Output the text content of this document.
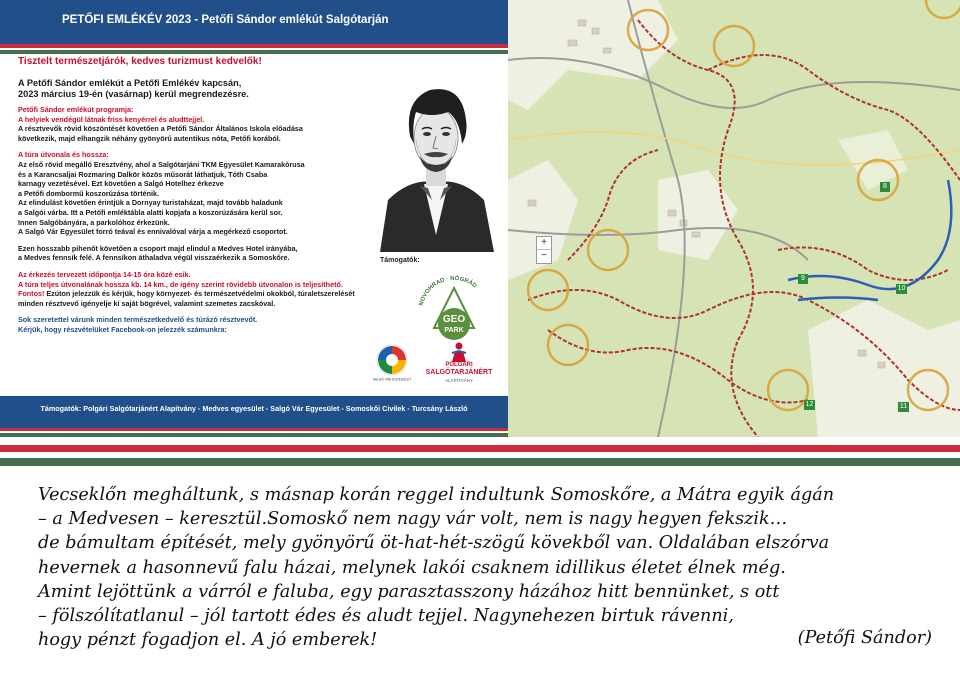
PETŐFI EMLÉKÉV 2023 - Petőfi Sándor emlékút Salgótarján

Tisztelt természetjárók, kedves turizmust kedvelők!

A Petőfi Sándor emlékút a Petőfi Emlékév kapcsán,
2023 március 19-én (vasárnap) kerül megrendezésre.

Petőfi Sándor emlékút programja:

A helyiek vendégül látnak friss kenyérrel és aludttejjel.

A résztvevők rövid köszöntését követően a Petőfi Sándor Általános Iskola előadása

következik, majd elhangzik néhány gyönyörű autentikus nóta, Petőfi korából.

A túra útvonala és hossza:

Az első rövid megálló Eresztvény, ahol a Salgótarjáni TKM Egyesület Kamarakórusa

és a Karancsaljai Rozmaring Dalkör közös műsorát láthatjuk, Tóth Csaba

karnagy vezetésével. Ezt követően a Salgó Hotelhez érkezve

a Petőfi dombormű koszorúzása történik.

Az elindulást követően érintjük a Dornyay turistaházat, majd tovább haladunk

a Salgói várba. Itt a Petőfi emléktábla alatti kopjafa a koszorúzására kerül sor.

Innen Salgóbányára, a parkolóhoz érkezünk.

A Salgó Vár Egyesület forró teával és ennivalóval várja a megérkező csoportot.

Ezen hosszabb pihenőt követően a csoport majd elindul a Medves Hotel irányába,

a Medves fennsík felé. A fennsíkon áthaladva végül visszaérkezik a Somoskőre.

Az érkezés tervezett időpontja 14-15 óra közé esik.

A túra teljes útvonalának hossza kb. 14 km., de igény szerint rövidebb útvonalon is teljesíthető.

Fontos! Ezúton jelezzük és kérjük, hogy környezet- és természetvédelmi okokból, túraletszerelését

minden résztvevő igényelje ki saját bögrével, valamint szemetes zacskóval.

Sok szeretettel várunk minden természetkedvelő és túrázó résztvevőt.

Kérjük, hogy részvételüket Facebook-on jelezzék számunkra:

Támogatók:
NOVOHRAD · NÓGRÁD
GEO
PARK
SALGÓ VÁR EGYESÜLET
POLGÁRI
SALGÓTARJÁNÉRT
ALAPÍTVÁNY
Támogatók: Polgári Salgótarjánért Alapítvány - Medves egyesület - Salgó Vár Egyesület - Somoskői Civilek - Turcsány László
8
9
10
11
12
+
−
Vecseklőn megháltunk, s másnap korán reggel indultunk Somoskőre, a Mátra egyik ágán
– a Medvesen – keresztül.Somoskő nem nagy vár volt, nem is nagy hegyen fekszik…
de bámultam építését, mely gyönyörű öt-hat-hét-szögű kövekből van. Oldalában elszórva
hevernek a hasonnevű falu házai, melynek lakói csaknem idillikus életet élnek még.
Amint lejöttünk a várról e faluba, egy parasztasszony házához hitt bennünket, s ott
– fölszólítatlanul – jól tartott édes és aludt tejjel. Nagynehezen birtuk rávenni,
hogy pénzt fogadjon el. A jó emberek!	(Petőfi Sándor)
